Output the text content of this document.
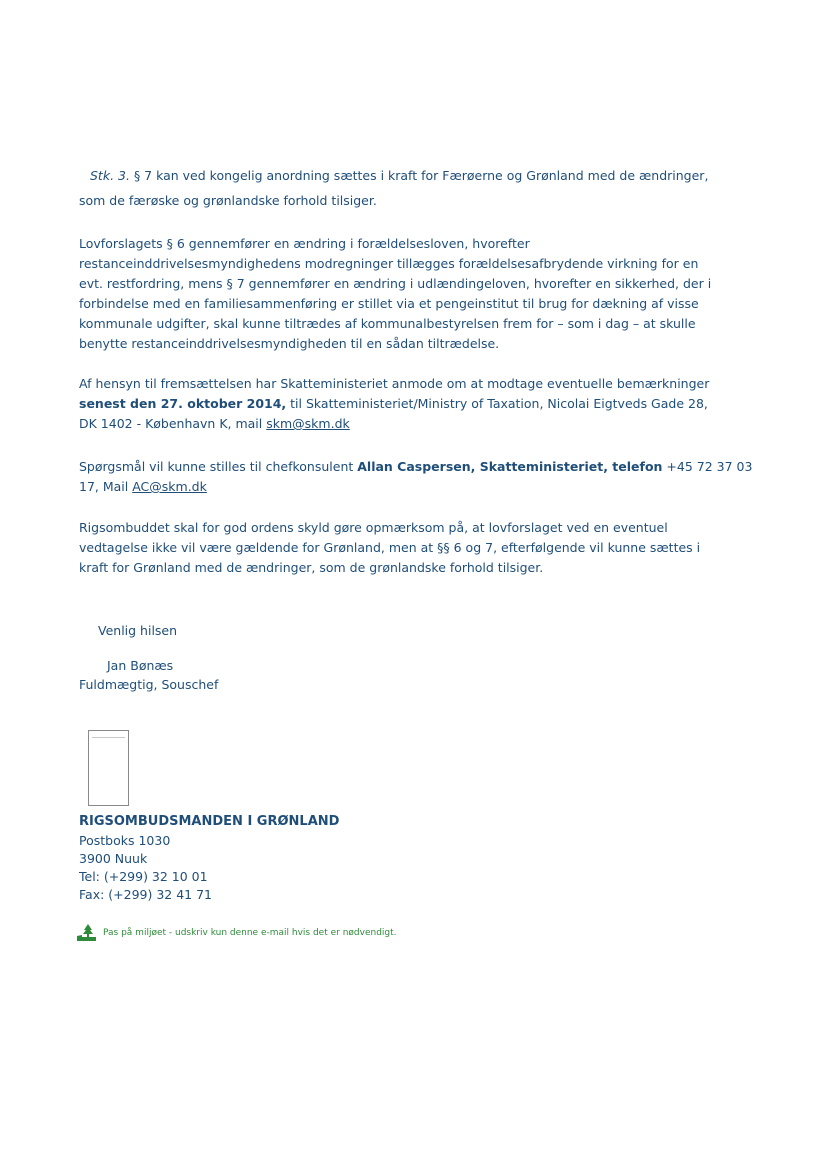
Stk. 3. § 7 kan ved kongelig anordning sættes i kraft for Færøerne og Grønland med de ændringer,
som de færøske og grønlandske forhold tilsiger.
Lovforslagets § 6 gennemfører en ændring i forældelsesloven, hvorefter
restanceinddrivelsesmyndighedens modregninger tillægges forældelsesafbrydende virkning for en
evt. restfordring, mens § 7 gennemfører en ændring i udlændingeloven, hvorefter en sikkerhed, der i
forbindelse med en familiesammenføring er stillet via et pengeinstitut til brug for dækning af visse
kommunale udgifter, skal kunne tiltrædes af kommunalbestyrelsen frem for – som i dag – at skulle
benytte restanceinddrivelsesmyndigheden til en sådan tiltrædelse.
Af hensyn til fremsættelsen har Skatteministeriet anmode om at modtage eventuelle bemærkninger
senest den 27. oktober 2014, til Skatteministeriet/Ministry of Taxation, Nicolai Eigtveds Gade 28,
DK 1402 - København K, mail skm@skm.dk
Spørgsmål vil kunne stilles til chefkonsulent Allan Caspersen, Skatteministeriet, telefon +45 72 37 03
17, Mail AC@skm.dk
Rigsombuddet skal for god ordens skyld gøre opmærksom på, at lovforslaget ved en eventuel
vedtagelse ikke vil være gældende for Grønland, men at §§ 6 og 7, efterfølgende vil kunne sættes i
kraft for Grønland med de ændringer, som de grønlandske forhold tilsiger.
Venlig hilsen
Jan Bønæs
Fuldmægtig, Souschef
RIGSOMBUDSMANDEN I GRØNLAND
Postboks 1030
3900 Nuuk
Tel: (+299) 32 10 01
Fax: (+299) 32 41 71
Pas på miljøet - udskriv kun denne e-mail hvis det er nødvendigt.
